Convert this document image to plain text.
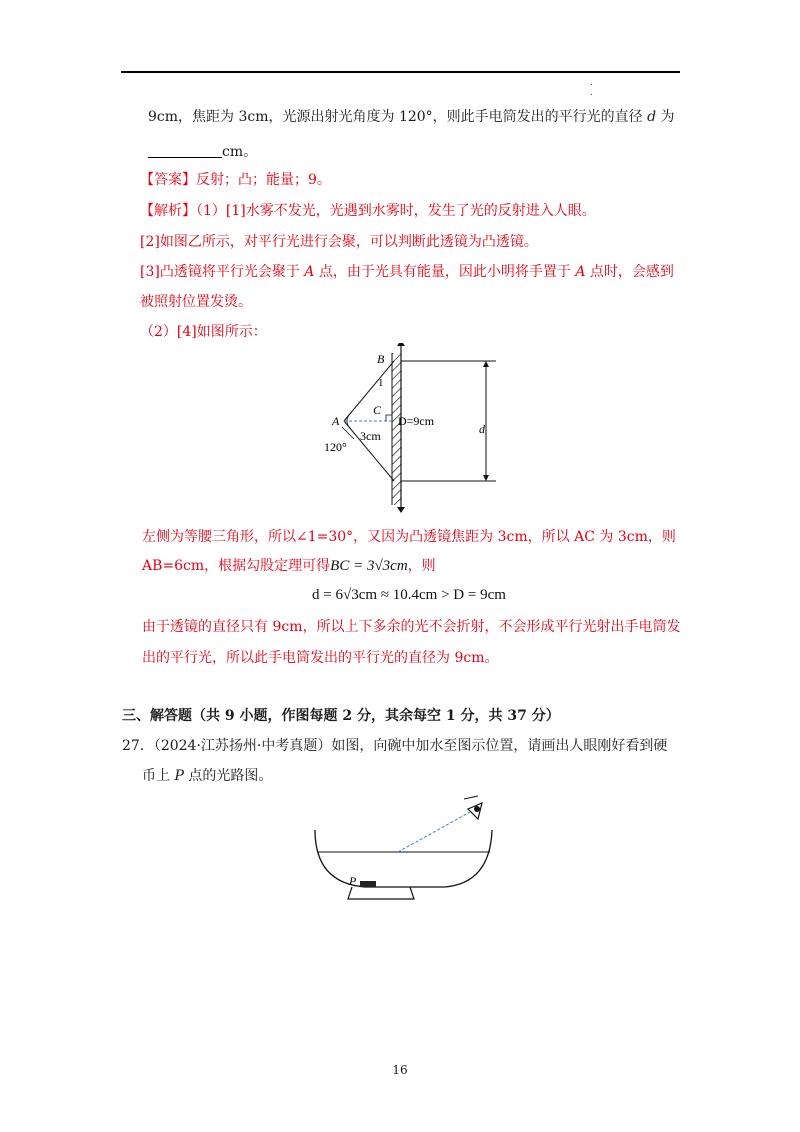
.
.
9cm，焦距为 3cm，光源出射光角度为 120°，则此手电筒发出的平行光的直径 d 为
cm。
【答案】反射；凸；能量；9。
【解析】（1）[1]水雾不发光，光遇到水雾时，发生了光的反射进入人眼。
[2]如图乙所示，对平行光进行会聚，可以判断此透镜为凸透镜。
[3]凸透镜将平行光会聚于 A 点，由于光具有能量，因此小明将手置于 A 点时，会感到
被照射位置发烫。
（2）[4]如图所示：
B
1
A
C
D=9cm
d
3cm
120°
左侧为等腰三角形，所以∠1=30°，又因为凸透镜焦距为 3cm，所以 AC 为 3cm，则
AB=6cm，根据勾股定理可得BC = 3√3cm，则
d = 6√3cm ≈ 10.4cm > D = 9cm
由于透镜的直径只有 9cm，所以上下多余的光不会折射，不会形成平行光射出手电筒发
出的平行光，所以此手电筒发出的平行光的直径为 9cm。
三、解答题（共 9 小题，作图每题 2 分，其余每空 1 分，共 37 分）
27．（2024·江苏扬州·中考真题）如图，向碗中加水至图示位置，请画出人眼刚好看到硬
币上 P 点的光路图。
P
16
